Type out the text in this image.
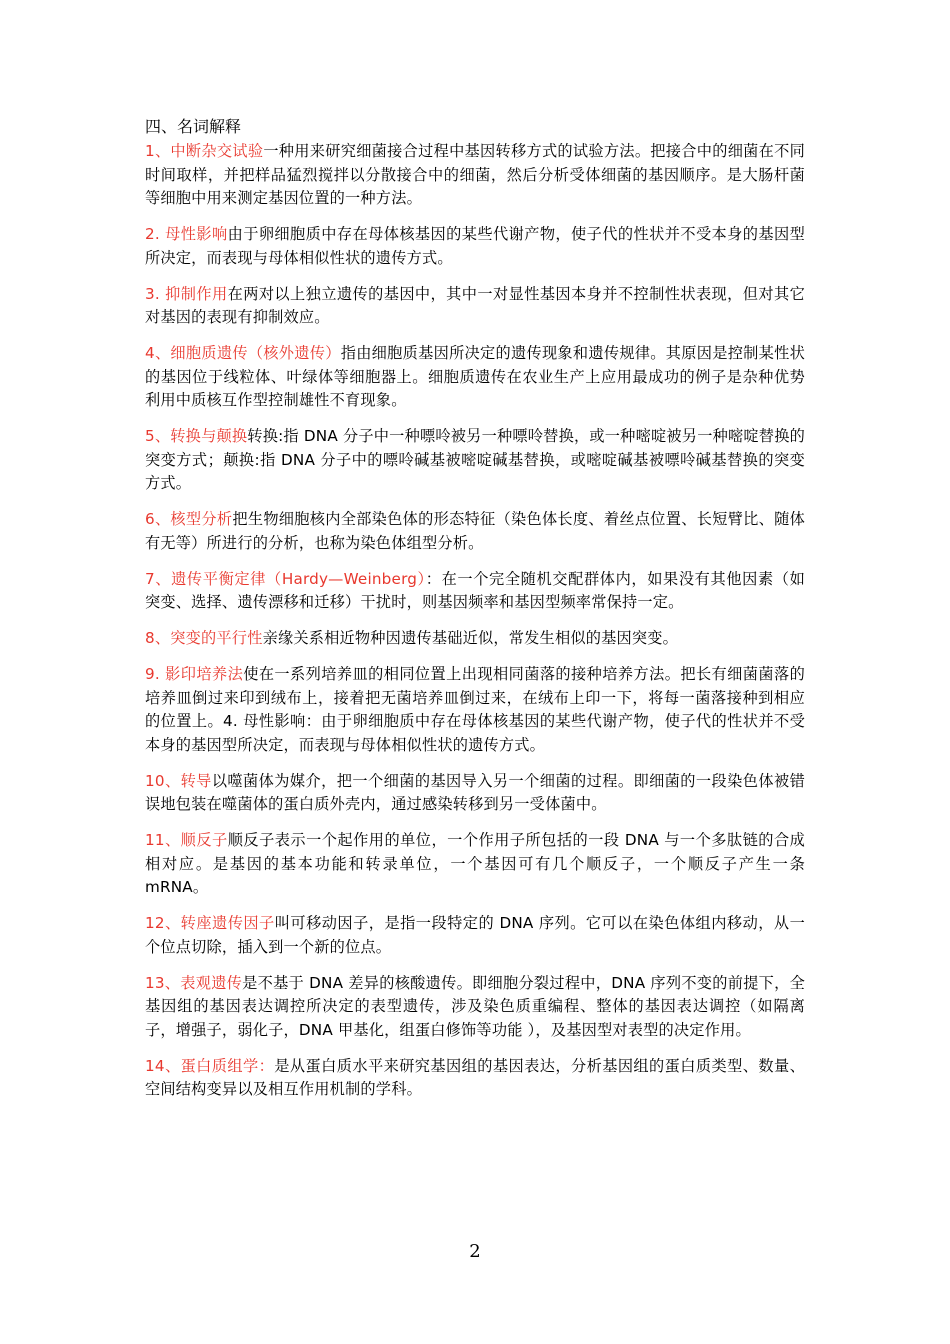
四、名词解释

1、中断杂交试验一种用来研究细菌接合过程中基因转移方式的试验方法。把接合中的细菌在不同时间取样，并把样品猛烈搅拌以分散接合中的细菌，然后分析受体细菌的基因顺序。是大肠杆菌等细胞中用来测定基因位置的一种方法。

2. 母性影响由于卵细胞质中存在母体核基因的某些代谢产物，使子代的性状并不受本身的基因型所决定，而表现与母体相似性状的遗传方式。

3. 抑制作用在两对以上独立遗传的基因中，其中一对显性基因本身并不控制性状表现，但对其它对基因的表现有抑制效应。

4、细胞质遗传（核外遗传）指由细胞质基因所决定的遗传现象和遗传规律。其原因是控制某性状的基因位于线粒体、叶绿体等细胞器上。细胞质遗传在农业生产上应用最成功的例子是杂种优势利用中质核互作型控制雄性不育现象。

5、转换与颠换转换:指 DNA 分子中一种嘌呤被另一种嘌呤替换，或一种嘧啶被另一种嘧啶替换的突变方式；颠换:指 DNA 分子中的嘌呤碱基被嘧啶碱基替换，或嘧啶碱基被嘌呤碱基替换的突变方式。

6、核型分析把生物细胞核内全部染色体的形态特征（染色体长度、着丝点位置、长短臂比、随体有无等）所进行的分析，也称为染色体组型分析。

7、遗传平衡定律（Hardy—Weinberg）：在一个完全随机交配群体内，如果没有其他因素（如突变、选择、遗传漂移和迁移）干扰时，则基因频率和基因型频率常保持一定。

8、突变的平行性亲缘关系相近物种因遗传基础近似，常发生相似的基因突变。

9. 影印培养法使在一系列培养皿的相同位置上出现相同菌落的接种培养方法。把长有细菌菌落的培养皿倒过来印到绒布上，接着把无菌培养皿倒过来，在绒布上印一下，将每一菌落接种到相应的位置上。4. 母性影响：由于卵细胞质中存在母体核基因的某些代谢产物，使子代的性状并不受本身的基因型所决定，而表现与母体相似性状的遗传方式。

10、转导以噬菌体为媒介，把一个细菌的基因导入另一个细菌的过程。即细菌的一段染色体被错误地包装在噬菌体的蛋白质外壳内，通过感染转移到另一受体菌中。

11、顺反子顺反子表示一个起作用的单位，一个作用子所包括的一段 DNA 与一个多肽链的合成相对应。是基因的基本功能和转录单位，一个基因可有几个顺反子，一个顺反子产生一条 mRNA。

12、转座遗传因子叫可移动因子，是指一段特定的 DNA 序列。它可以在染色体组内移动，从一个位点切除，插入到一个新的位点。

13、表观遗传是不基于 DNA 差异的核酸遗传。即细胞分裂过程中，DNA 序列不变的前提下，全基因组的基因表达调控所决定的表型遗传，涉及染色质重编程、整体的基因表达调控（如隔离子，增强子，弱化子，DNA 甲基化，组蛋白修饰等功能 ），及基因型对表型的决定作用。

14、蛋白质组学：是从蛋白质水平来研究基因组的基因表达，分析基因组的蛋白质类型、数量、空间结构变异以及相互作用机制的学科。

2
